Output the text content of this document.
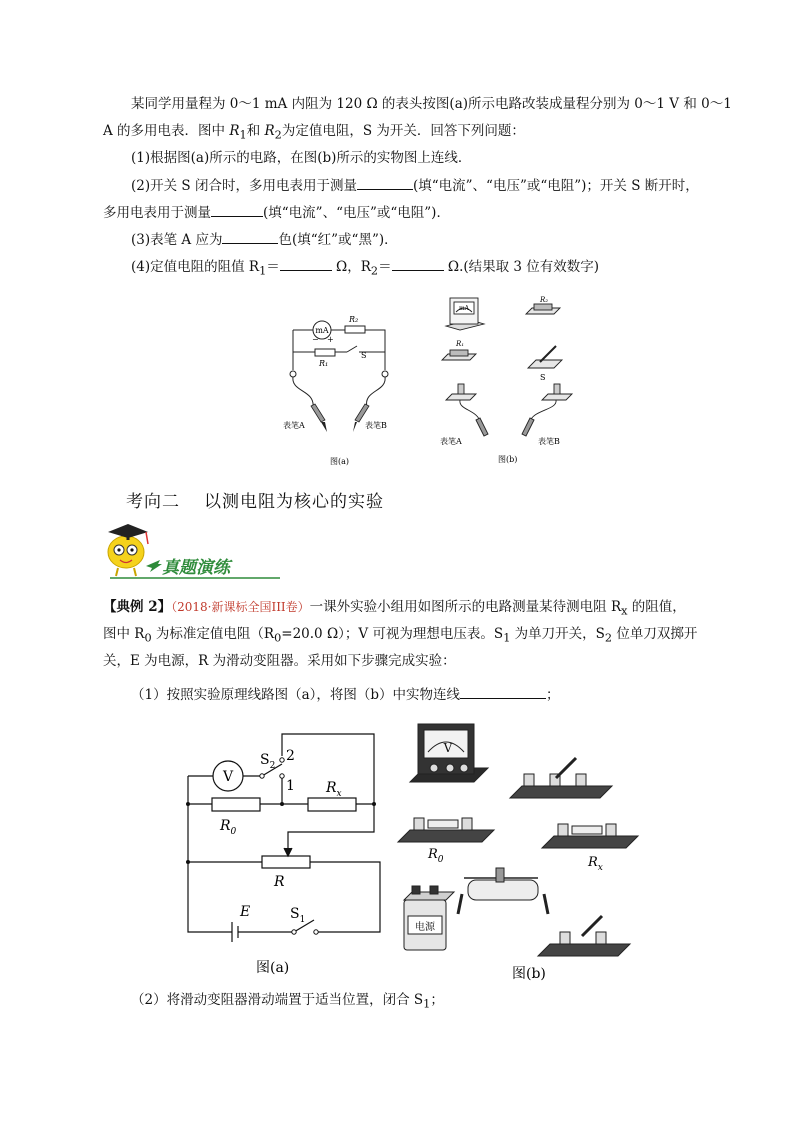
某同学用量程为 0～1 mA 内阻为 120 Ω 的表头按图(a)所示电路改装成量程分别为 0～1 V 和 0～1
A 的多用电表．图中 $R_1$和 $R_2$为定值电阻，S 为开关．回答下列问题：
(1)根据图(a)所示的电路，在图(b)所示的实物图上连线．
(2)开关 S 闭合时，多用电表用于测量	(填“电流”、“电压”或“电阻”)；开关 S 断开时，
多用电表用于测量	(填“电流”、“电压”或“电阻”)．
(3)表笔 A 应为	色(填“红”或“黑”)．
(4)定值电阻的阻值 $R_1=$	Ω，$R_2=$	Ω.(结果取 3 位有效数字)
mA
− +
R₂
R₁
S
表笔A	表笔B
图(a)
mA
R₂
R₁
S
表笔A	表笔B
图(b)
考向二 以测电阻为核心的实验
真题演练
【典例 2】（2018·新课标全国III卷）一课外实验小组用如图所示的电路测量某待测电阻 $R_x$ 的阻值，
图中 $R_0$ 为标准定值电阻（$R_0=20.0$ Ω）；V 可视为理想电压表。$S_1$ 为单刀开关，$S_2$ 位单刀双掷开
关，E 为电源，R 为滑动变阻器。采用如下步骤完成实验：
（1）按照实验原理线路图（a），将图（b）中实物连线	；
V
$S_2$
2
1 $R_x$
$R_0$
R
E	$S_1$
图(a)
V
电源
$R_0$	$R_x$
图(b)
（2）将滑动变阻器滑动端置于适当位置，闭合 $S_1$；
